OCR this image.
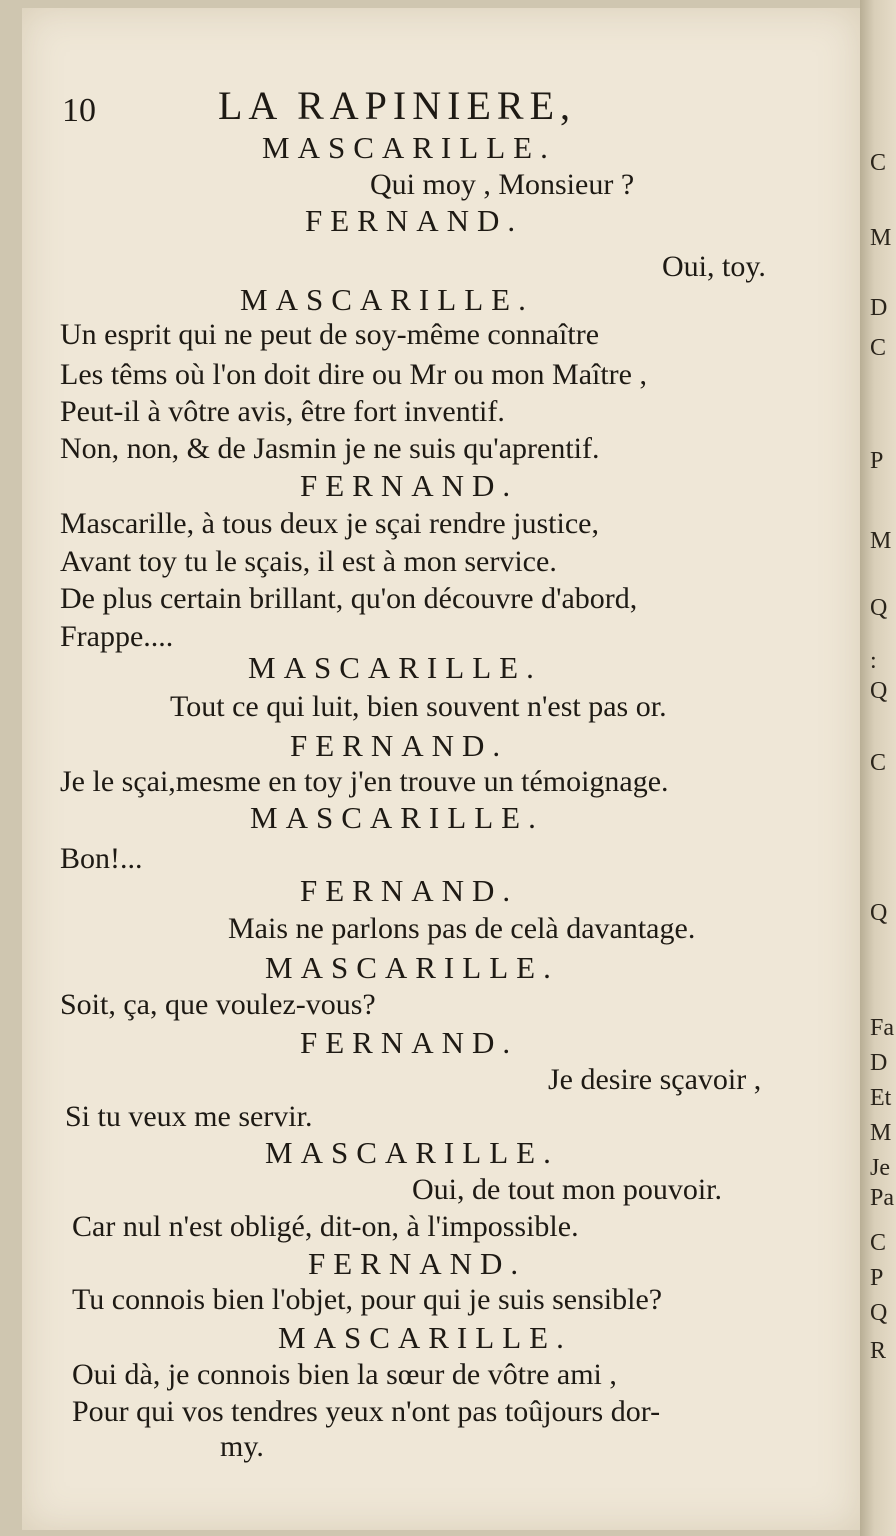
10	LA RAPINIERE,
MASCARILLE.
Qui moy , Monsieur ?
FERNAND.
Oui, toy.
MASCARILLE.
Un esprit qui ne peut de soy-même connaître
Les têms où l'on doit dire ou Mr ou mon Maître ,
Peut-il à vôtre avis, être fort inventif.
Non, non, & de Jasmin je ne suis qu'aprentif.
FERNAND.
Mascarille, à tous deux je sçai rendre justice,
Avant toy tu le sçais, il est à mon service.
De plus certain brillant, qu'on découvre d'abord,
Frappe....
MASCARILLE.
Tout ce qui luit, bien souvent n'est pas or.
FERNAND.
Je le sçai,mesme en toy j'en trouve un témoignage.
MASCARILLE.
Bon!...
FERNAND.
Mais ne parlons pas de celà davantage.
MASCARILLE.
Soit, ça, que voulez-vous?
FERNAND.
Je desire sçavoir ,
Si tu veux me servir.
MASCARILLE.
Oui, de tout mon pouvoir.
Car nul n'est obligé, dit-on, à l'impossible.
FERNAND.
Tu connois bien l'objet, pour qui je suis sensible?
MASCARILLE.
Oui dà, je connois bien la sœur de vôtre ami ,
Pour qui vos tendres yeux n'ont pas toûjours dor-
my.
C
M
D
C
P
M
Q
:
Q
C
Q
Fa
D
Et
M
Je
Pa
C
P
Q
R
